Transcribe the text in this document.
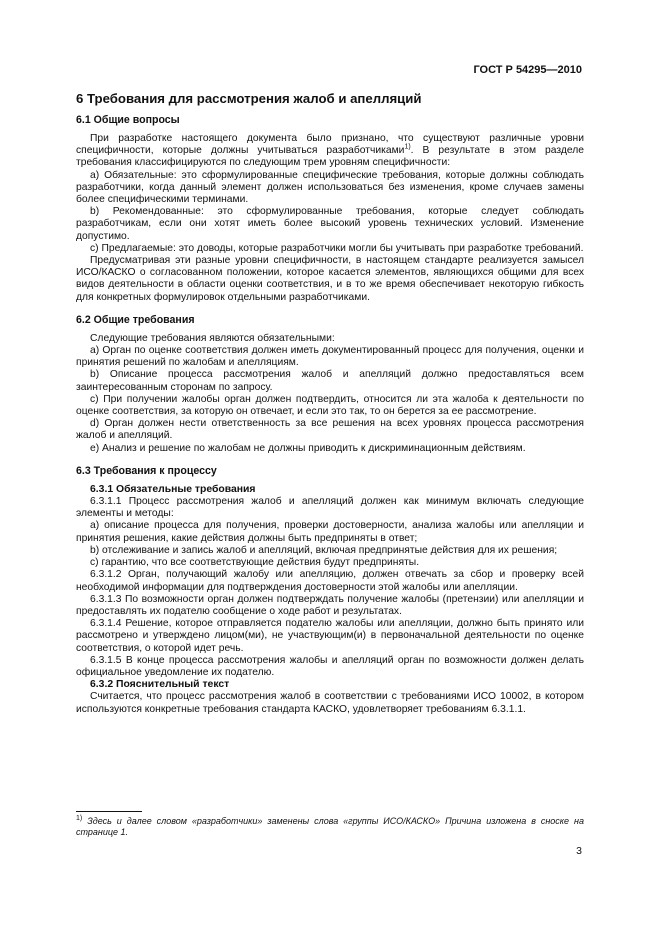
ГОСТ Р 54295—2010

6 Требования для рассмотрения жалоб и апелляций

6.1 Общие вопросы

При разработке настоящего документа было признано, что существуют различные уровни специфичности, которые должны учитываться разработчиками$^{1)}$. В результате в этом разделе требования классифицируются по следующим трем уровням специфичности:

а) Обязательные: это сформулированные специфические требования, которые должны соблюдать разработчики, когда данный элемент должен использоваться без изменения, кроме случаев замены более специфическими терминами.

b) Рекомендованные: это сформулированные требования, которые следует соблюдать разработчикам, если они хотят иметь более высокий уровень технических условий. Изменение допустимо.

с) Предлагаемые: это доводы, которые разработчики могли бы учитывать при разработке требований.

Предусматривая эти разные уровни специфичности, в настоящем стандарте реализуется замысел ИСО/КАСКО о согласованном положении, которое касается элементов, являющихся общими для всех видов деятельности в области оценки соответствия, и в то же время обеспечивает некоторую гибкость для конкретных формулировок отдельными разработчиками.

6.2 Общие требования

Следующие требования являются обязательными:

а) Орган по оценке соответствия должен иметь документированный процесс для получения, оценки и принятия решений по жалобам и апелляциям.

b) Описание процесса рассмотрения жалоб и апелляций должно предоставляться всем заинтересованным сторонам по запросу.

с) При получении жалобы орган должен подтвердить, относится ли эта жалоба к деятельности по оценке соответствия, за которую он отвечает, и если это так, то он берется за ее рассмотрение.

d) Орган должен нести ответственность за все решения на всех уровнях процесса рассмотрения жалоб и апелляций.

е) Анализ и решение по жалобам не должны приводить к дискриминационным действиям.

6.3 Требования к процессу

6.3.1 Обязательные требования

6.3.1.1 Процесс рассмотрения жалоб и апелляций должен как минимум включать следующие элементы и методы:

а) описание процесса для получения, проверки достоверности, анализа жалобы или апелляции и принятия решения, какие действия должны быть предприняты в ответ;

b) отслеживание и запись жалоб и апелляций, включая предпринятые действия для их решения;

с) гарантию, что все соответствующие действия будут предприняты.

6.3.1.2 Орган, получающий жалобу или апелляцию, должен отвечать за сбор и проверку всей необходимой информации для подтверждения достоверности этой жалобы или апелляции.

6.3.1.3 По возможности орган должен подтверждать получение жалобы (претензии) или апелляции и предоставлять их подателю сообщение о ходе работ и результатах.

6.3.1.4 Решение, которое отправляется подателю жалобы или апелляции, должно быть принято или рассмотрено и утверждено лицом(ми), не участвующим(и) в первоначальной деятельности по оценке соответствия, о которой идет речь.

6.3.1.5 В конце процесса рассмотрения жалобы и апелляций орган по возможности должен делать официальное уведомление их подателю.

6.3.2 Пояснительный текст

Считается, что процесс рассмотрения жалоб в соответствии с требованиями ИСО 10002, в котором используются конкретные требования стандарта КАСКО, удовлетворяет требованиям 6.3.1.1.

$^{1)}$ Здесь и далее словом «разработчики» заменены слова «группы ИСО/КАСКО» Причина изложена в сноске на странице 1.
3
